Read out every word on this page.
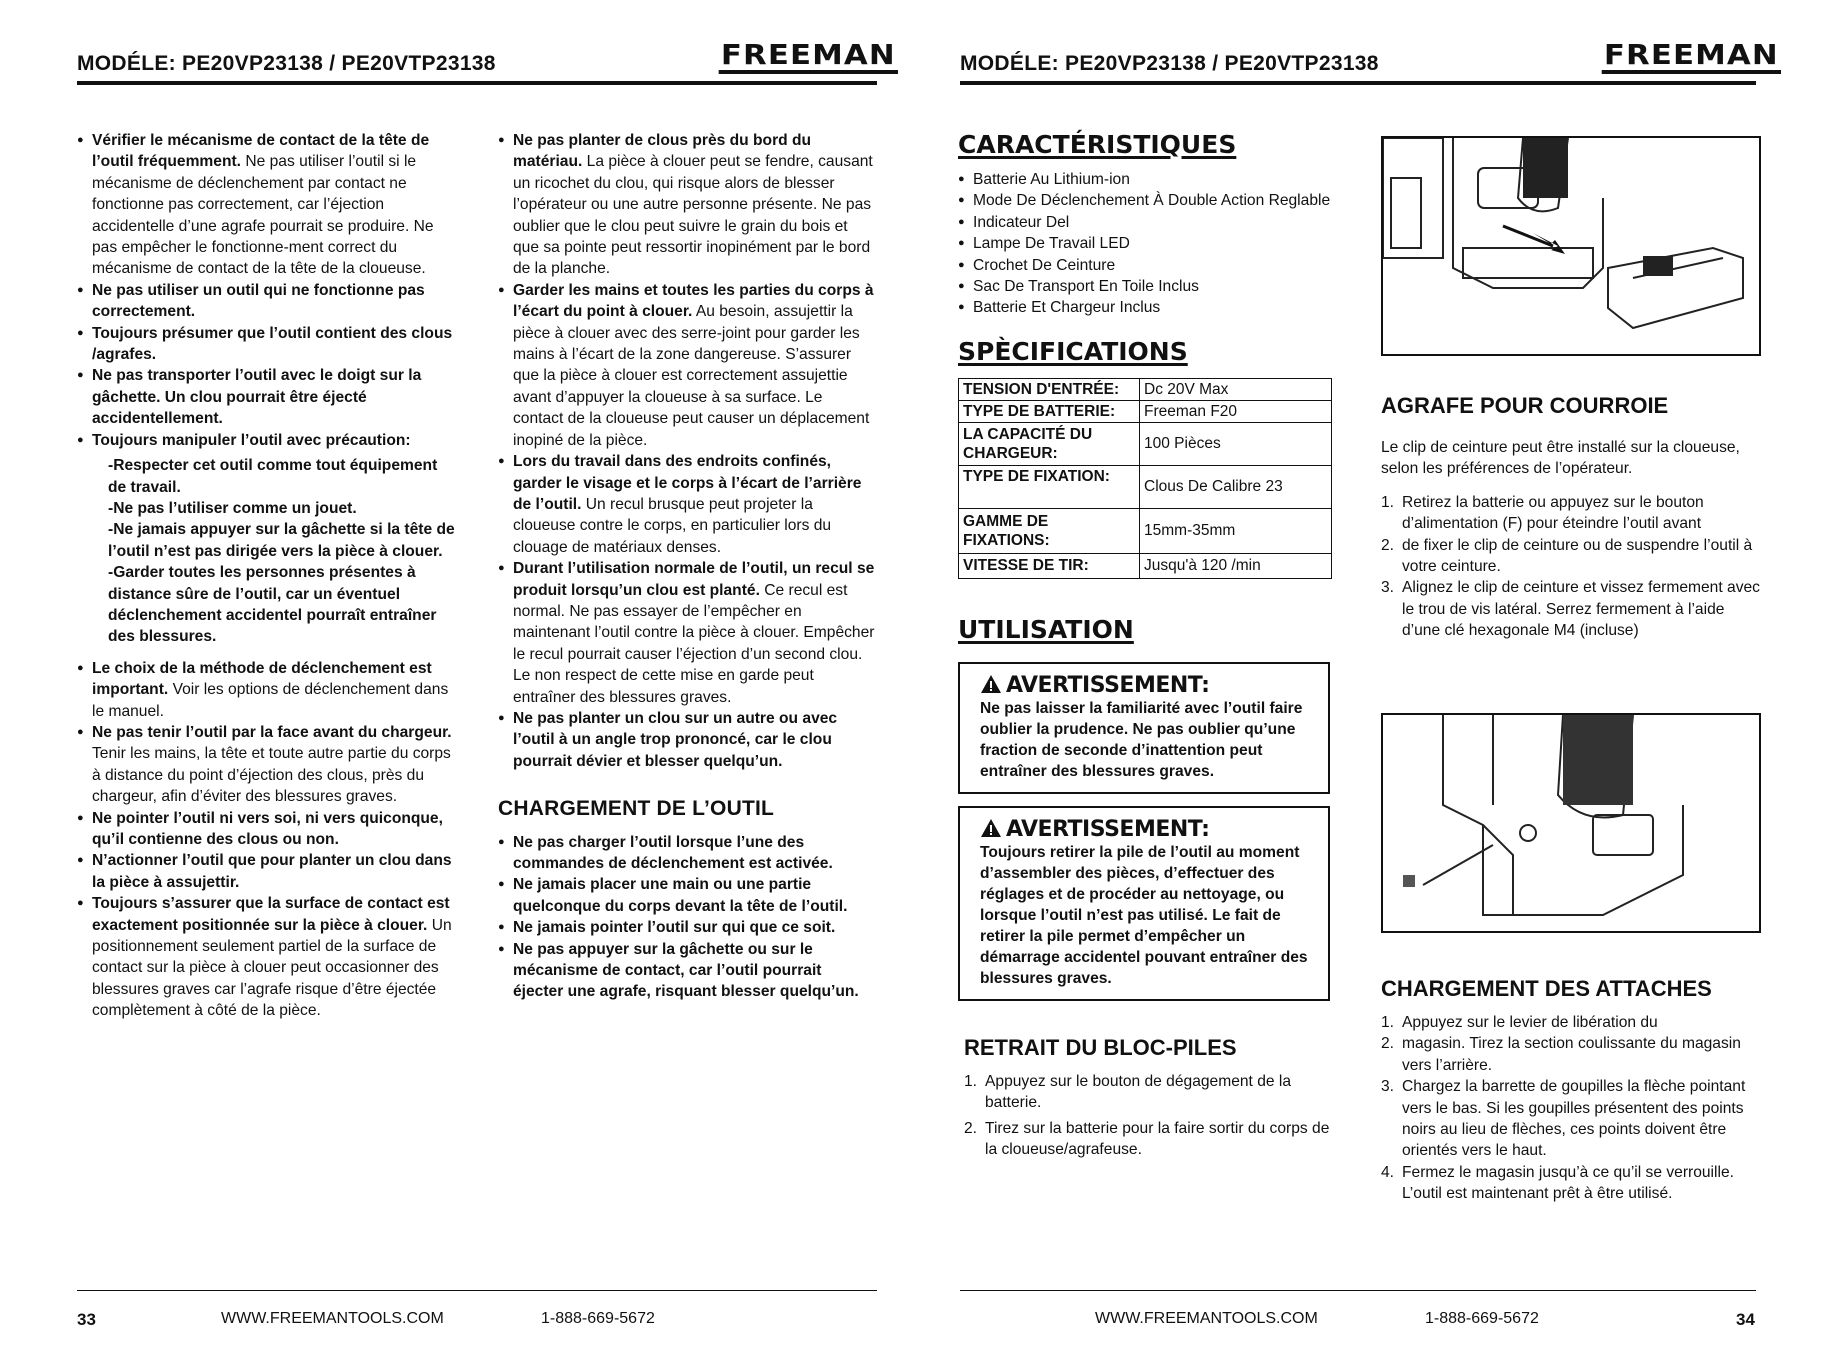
MODÉLE: PE20VP23138 / PE20VTP23138	FREEMAN	MODÉLE: PE20VP23138 / PE20VTP23138	FREEMAN
● Vérifier le mécanisme de contact de la tête de l’outil fréquemment. Ne pas utiliser l’outil si le mécanisme de déclenchement par contact ne fonctionne pas correctement, car l’éjection accidentelle d’une agrafe pourrait se produire. Ne pas empêcher le fonctionne-ment correct du mécanisme de contact de la tête de la cloueuse.
● Ne pas utiliser un outil qui ne fonctionne pas correctement.
● Toujours présumer que l’outil contient des clous /agrafes.
● Ne pas transporter l’outil avec le doigt sur la gâchette. Un clou pourrait être éjecté accidentellement.
● Toujours manipuler l’outil avec précaution:

-Respecter cet outil comme tout équipement de travail.

-Ne pas l’utiliser comme un jouet.

-Ne jamais appuyer sur la gâchette si la tête de l’outil n’est pas dirigée vers la pièce à clouer.

-Garder toutes les personnes présentes à distance sûre de l’outil, car un éventuel déclenchement accidentel pourraît entraîner des blessures.

● Le choix de la méthode de déclenchement est important. Voir les options de déclenchement dans le manuel.
● Ne pas tenir l’outil par la face avant du chargeur. Tenir les mains, la tête et toute autre partie du corps à distance du point d’éjection des clous, près du chargeur, afin d’éviter des blessures graves.
● Ne pointer l’outil ni vers soi, ni vers quiconque, qu’il contienne des clous ou non.
● N’actionner l’outil que pour planter un clou dans la pièce à assujettir.
● Toujours s’assurer que la surface de contact est exactement positionnée sur la pièce à clouer. Un positionnement seulement partiel de la surface de contact sur la pièce à clouer peut occasionner des blessures graves car l’agrafe risque d’être éjectée complètement à côté de la pièce.
● Ne pas planter de clous près du bord du matériau. La pièce à clouer peut se fendre, causant un ricochet du clou, qui risque alors de blesser l’opérateur ou une autre personne présente. Ne pas oublier que le clou peut suivre le grain du bois et que sa pointe peut ressortir inopinément par le bord de la planche.
● Garder les mains et toutes les parties du corps à l’écart du point à clouer. Au besoin, assujettir la pièce à clouer avec des serre-joint pour garder les mains à l’écart de la zone dangereuse. S’assurer que la pièce à clouer est correctement assujettie avant d’appuyer la cloueuse à sa surface. Le contact de la cloueuse peut causer un déplacement inopiné de la pièce.
● Lors du travail dans des endroits confinés, garder le visage et le corps à l’écart de l’arrière de l’outil. Un recul brusque peut projeter la cloueuse contre le corps, en particulier lors du clouage de matériaux denses.
● Durant l’utilisation normale de l’outil, un recul se produit lorsqu’un clou est planté. Ce recul est normal. Ne pas essayer de l’empêcher en maintenant l’outil contre la pièce à clouer. Empêcher le recul pourrait causer l’éjection d’un second clou. Le non respect de cette mise en garde peut entraîner des blessures graves.
● Ne pas planter un clou sur un autre ou avec l’outil à un angle trop prononcé, car le clou pourrait dévier et blesser quelqu’un.
CHARGEMENT DE L’OUTIL
● Ne pas charger l’outil lorsque l’une des commandes de déclenchement est activée.
● Ne jamais placer une main ou une partie quelconque du corps devant la tête de l’outil.
● Ne jamais pointer l’outil sur qui que ce soit.
● Ne pas appuyer sur la gâchette ou sur le mécanisme de contact, car l’outil pourrait éjecter une agrafe, risquant blesser quelqu’un.
CARACTÉRISTIQUES
● Batterie Au Lithium-ion
● Mode De Déclenchement À Double Action Reglable
● Indicateur Del
● Lampe De Travail LED
● Crochet De Ceinture
● Sac De Transport En Toile Inclus
● Batterie Et Chargeur Inclus
SPÈCIFICATIONS
TENSION D'ENTRÉE:	Dc 20V Max
TYPE DE BATTERIE:	Freeman F20
LA CAPACITÉ DU CHARGEUR:	100 Pièces
TYPE DE FIXATION:	Clous De Calibre 23
GAMME DE FIXATIONS:	15mm-35mm
VITESSE DE TIR:	Jusqu'à 120 /min
UTILISATION
AVERTISSEMENT:
Ne pas laisser la familiarité avec l’outil faire oublier la prudence. Ne pas oublier qu’une fraction de seconde d’inattention peut entraîner des blessures graves.
AVERTISSEMENT:
Toujours retirer la pile de l’outil au moment d’assembler des pièces, d’effectuer des réglages et de procéder au nettoyage, ou lorsque l’outil n’est pas utilisé. Le fait de retirer la pile permet d’empêcher un démarrage accidentel pouvant entraîner des blessures graves.
RETRAIT DU BLOC-PILES
1. Appuyez sur le bouton de dégagement de la batterie.
2. Tirez sur la batterie pour la faire sortir du corps de la cloueuse/agrafeuse.
AGRAFE POUR COURROIE

Le clip de ceinture peut être installé sur la cloueuse, selon les préférences de l’opérateur.

1. Retirez la batterie ou appuyez sur le bouton d’alimentation (F) pour éteindre l’outil avant
2. de fixer le clip de ceinture ou de suspendre l’outil à votre ceinture.
3. Alignez le clip de ceinture et vissez fermement avec le trou de vis latéral. Serrez fermement à l’aide d’une clé hexagonale M4 (incluse)
CHARGEMENT DES ATTACHES
1. Appuyez sur le levier de libération du
2. magasin. Tirez la section coulissante du magasin vers l’arrière.
3. Chargez la barrette de goupilles la flèche pointant vers le bas. Si les goupilles présentent des points noirs au lieu de flèches, ces points doivent être orientés vers le haut.
4. Fermez le magasin jusqu’à ce qu’il se verrouille. L’outil est maintenant prêt à être utilisé.
33	WWW.FREEMANTOOLS.COM	1-888-669-5672	WWW.FREEMANTOOLS.COM	1-888-669-5672	34
